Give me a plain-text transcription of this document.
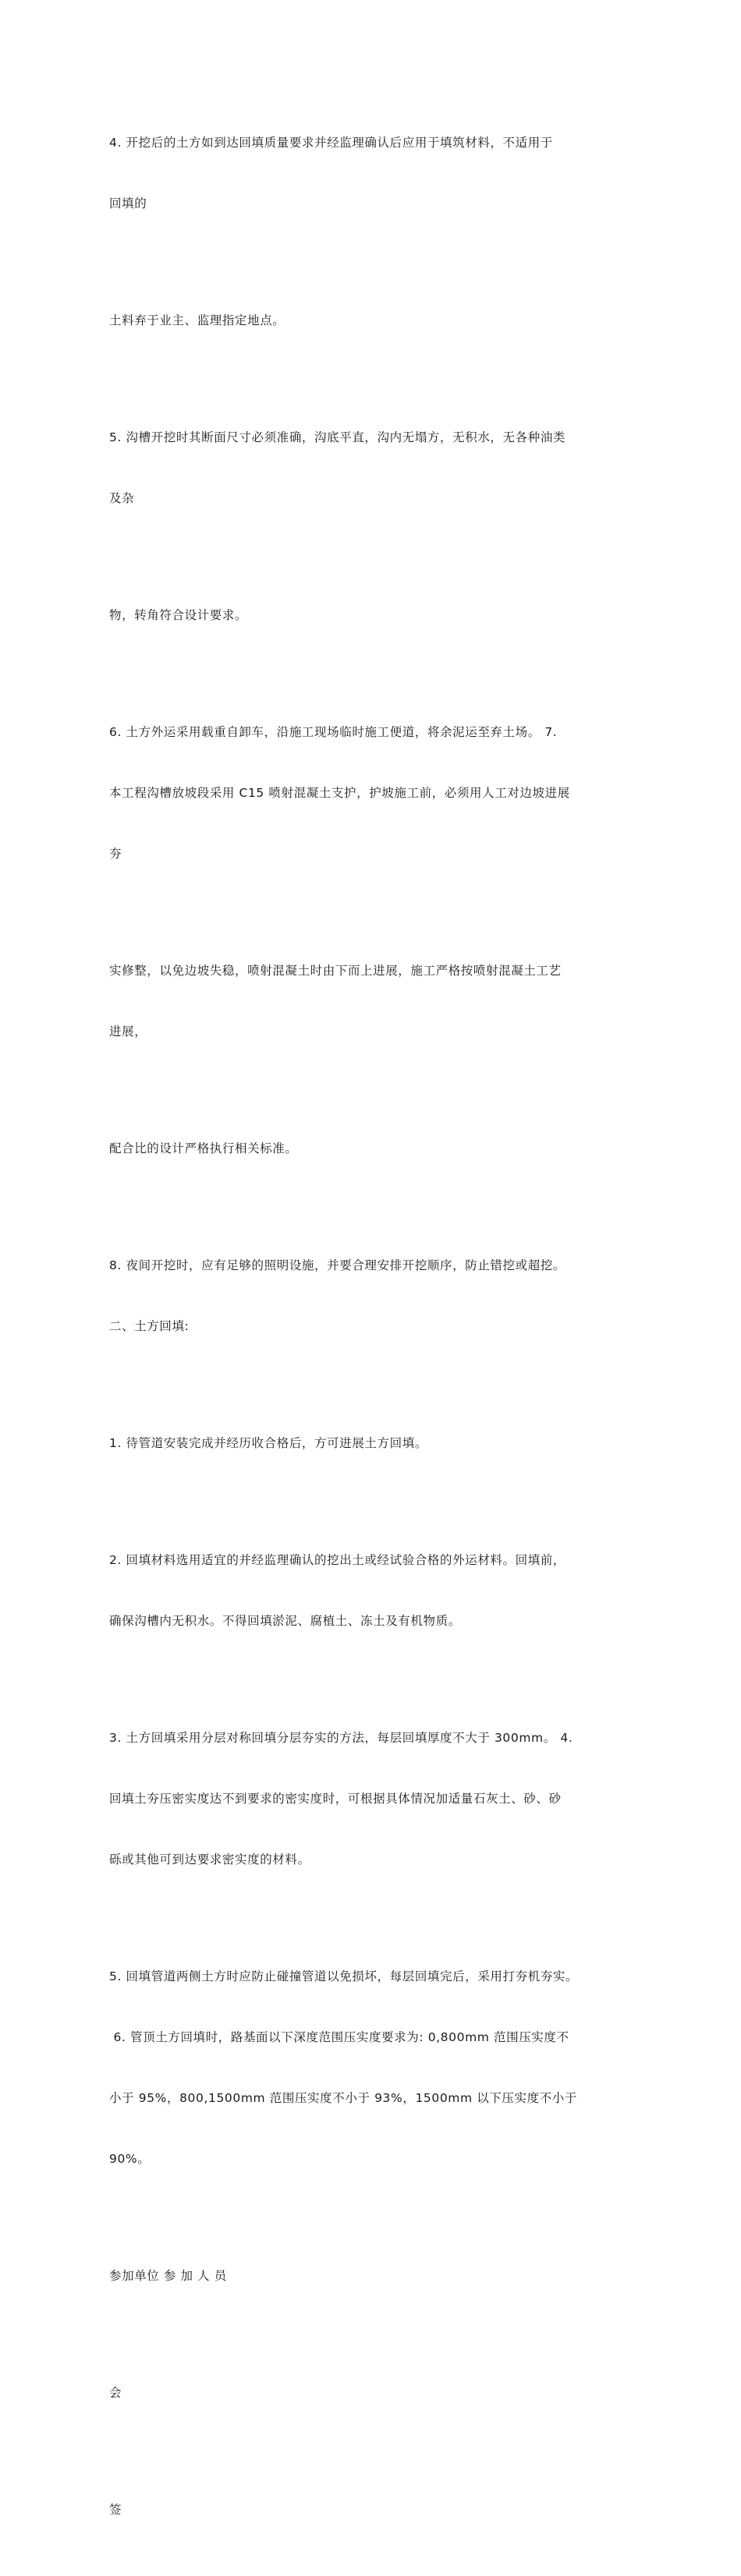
4. 开挖后的土方如到达回填质量要求并经监理确认后应用于填筑材料，不适用于

回填的

土料弃于业主、监理指定地点。

5. 沟槽开挖时其断面尺寸必须准确，沟底平直，沟内无塌方，无积水，无各种油类

及杂

物，转角符合设计要求。

6. 土方外运采用载重自卸车，沿施工现场临时施工便道，将余泥运至弃土场。 7.

本工程沟槽放坡段采用 C15 喷射混凝土支护，护坡施工前，必须用人工对边坡进展

夯

实修整，以免边坡失稳，喷射混凝土时由下而上进展，施工严格按喷射混凝土工艺

进展，

配合比的设计严格执行相关标准。

8. 夜间开挖时，应有足够的照明设施，并要合理安排开挖顺序，防止错挖或超挖。

二、土方回填:

1. 待管道安装完成并经历收合格后，方可进展土方回填。

2. 回填材料选用适宜的并经监理确认的挖出土或经试验合格的外运材料。回填前，

确保沟槽内无积水。不得回填淤泥、腐植土、冻土及有机物质。

3. 土方回填采用分层对称回填分层夯实的方法，每层回填厚度不大于 300mm。 4.

回填土夯压密实度达不到要求的密实度时，可根据具体情况加适量石灰土、砂、砂

砾或其他可到达要求密实度的材料。

5. 回填管道两侧土方时应防止碰撞管道以免损坏，每层回填完后，采用打夯机夯实。

6. 管顶土方回填时，路基面以下深度范围压实度要求为: 0,800mm 范围压实度不

小于 95%，800,1500mm 范围压实度不小于 93%，1500mm 以下压实度不小于

90%。

参加单位 参 加 人 员

会

签
